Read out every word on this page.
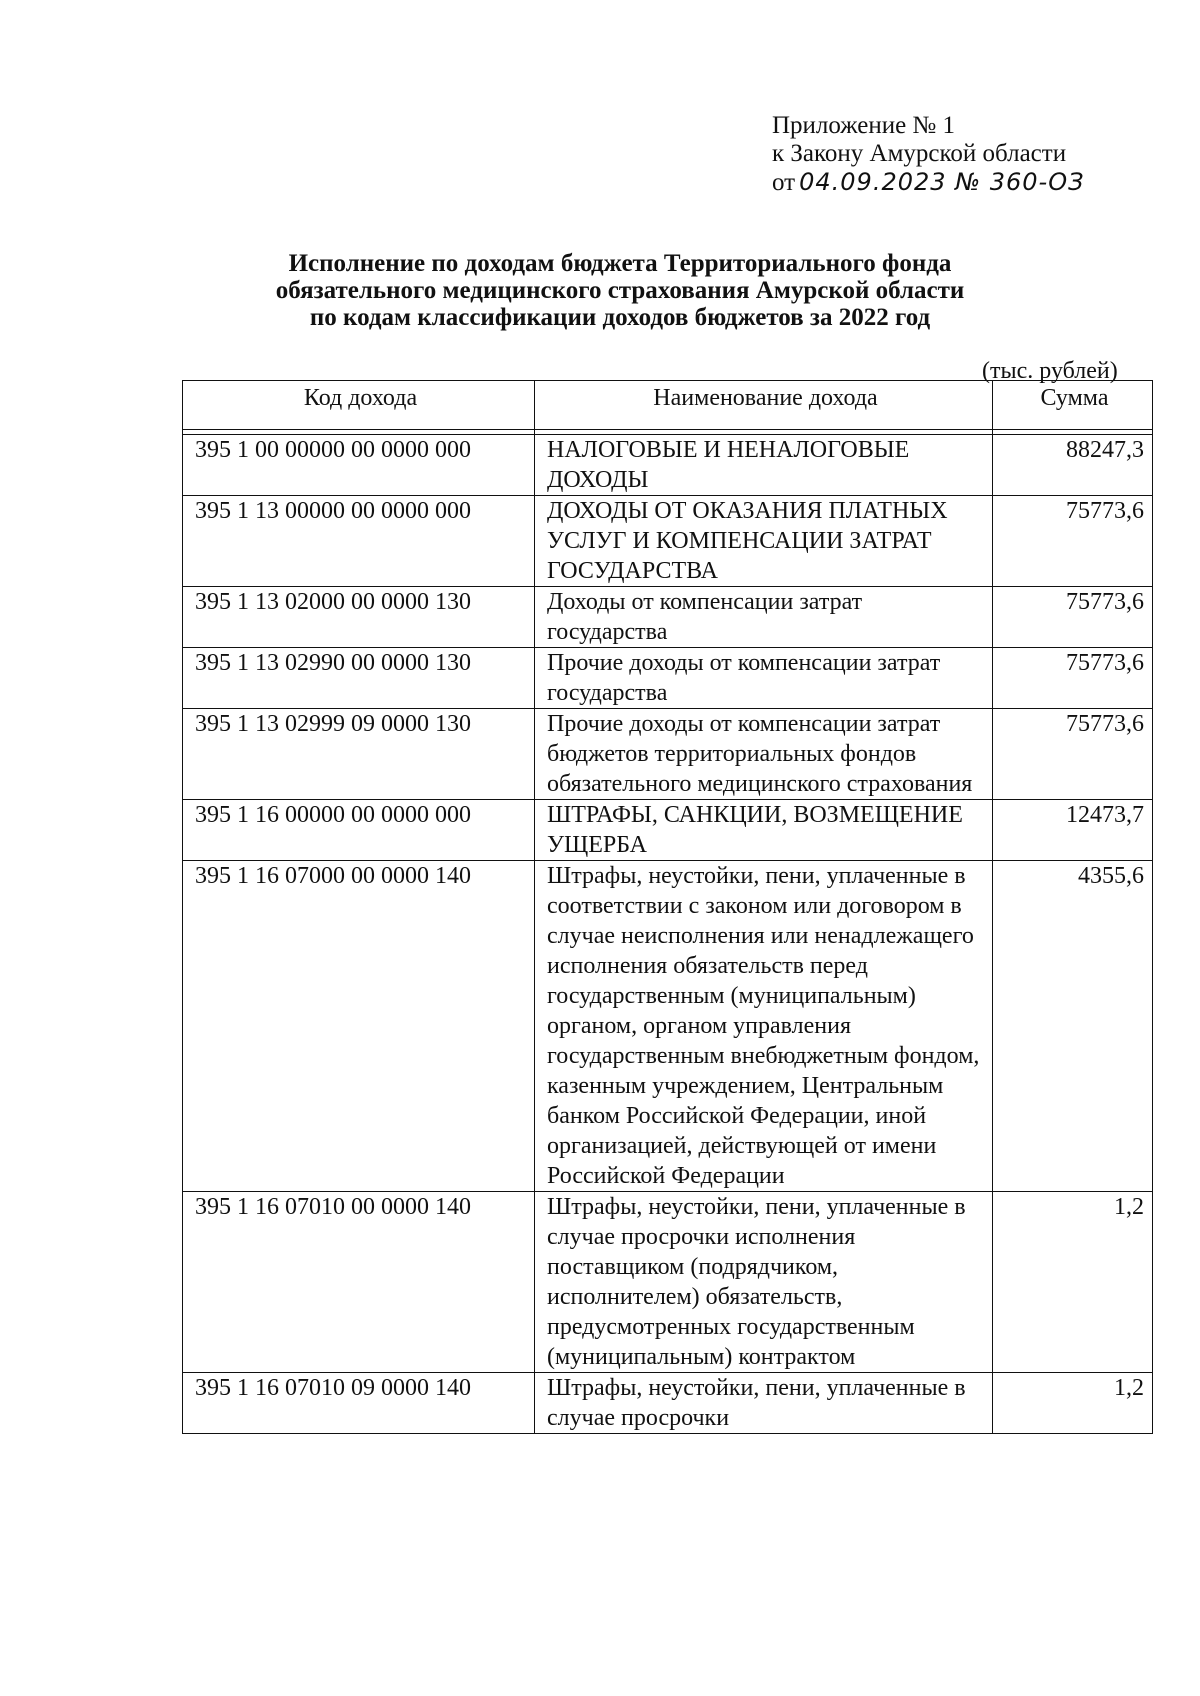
Приложение № 1
к Закону Амурской области
от 04.09.2023 № 360-ОЗ
Исполнение по доходам бюджета Территориального фонда
обязательного медицинского страхования Амурской области
по кодам классификации доходов бюджетов за 2022 год
(тыс. рублей)
Код дохода	Наименование дохода	Сумма

395 1 00 00000 00 0000 000	НАЛОГОВЫЕ И НЕНАЛОГОВЫЕ ДОХОДЫ	88247,3
395 1 13 00000 00 0000 000	ДОХОДЫ ОТ ОКАЗАНИЯ ПЛАТНЫХ УСЛУГ И КОМПЕНСАЦИИ ЗАТРАТ ГОСУДАРСТВА	75773,6
395 1 13 02000 00 0000 130	Доходы от компенсации затрат государства	75773,6
395 1 13 02990 00 0000 130	Прочие доходы от компенсации затрат государства	75773,6
395 1 13 02999 09 0000 130	Прочие доходы от компенсации затрат бюджетов территориальных фондов обязательного медицинского страхования	75773,6
395 1 16 00000 00 0000 000	ШТРАФЫ, САНКЦИИ, ВОЗМЕЩЕНИЕ УЩЕРБА	12473,7
395 1 16 07000 00 0000 140	Штрафы, неустойки, пени, уплаченные в соответствии с законом или договором в случае неисполнения или ненадлежащего исполнения обязательств перед государственным (муниципальным) органом, органом управления государственным внебюджетным фондом, казенным учреждением, Центральным банком Российской Федерации, иной организацией, действующей от имени Российской Федерации	4355,6
395 1 16 07010 00 0000 140	Штрафы, неустойки, пени, уплаченные в случае просрочки исполнения поставщиком (подрядчиком, исполнителем) обязательств, предусмотренных государственным (муниципальным) контрактом	1,2
395 1 16 07010 09 0000 140	Штрафы, неустойки, пени, уплаченные в случае просрочки	1,2
